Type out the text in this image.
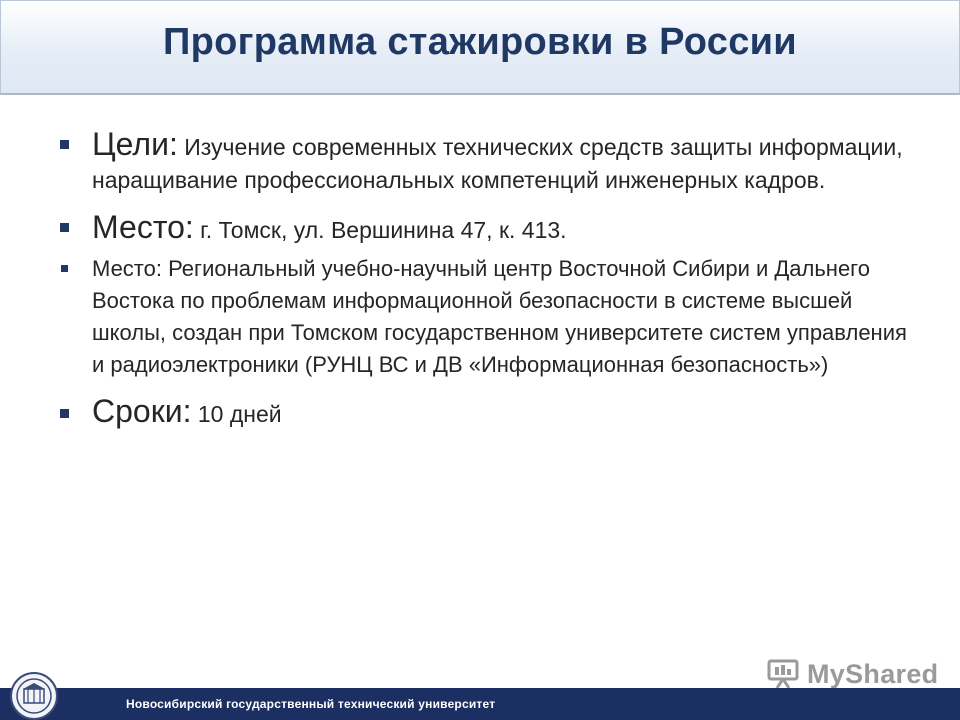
Программа стажировки в России
Цели: Изучение современных технических средств защиты информации, наращивание профессиональных компетенций инженерных кадров.
Место: г. Томск, ул. Вершинина 47, к. 413.
Место: Региональный учебно-научный центр Восточной Сибири и Дальнего Востока по проблемам информационной безопасности в системе высшей школы, создан при Томском государственном университете систем управления и радиоэлектроники (РУНЦ ВС и ДВ «Информационная безопасность»)
Сроки: 10 дней
MyShared
Новосибирский государственный технический университет
